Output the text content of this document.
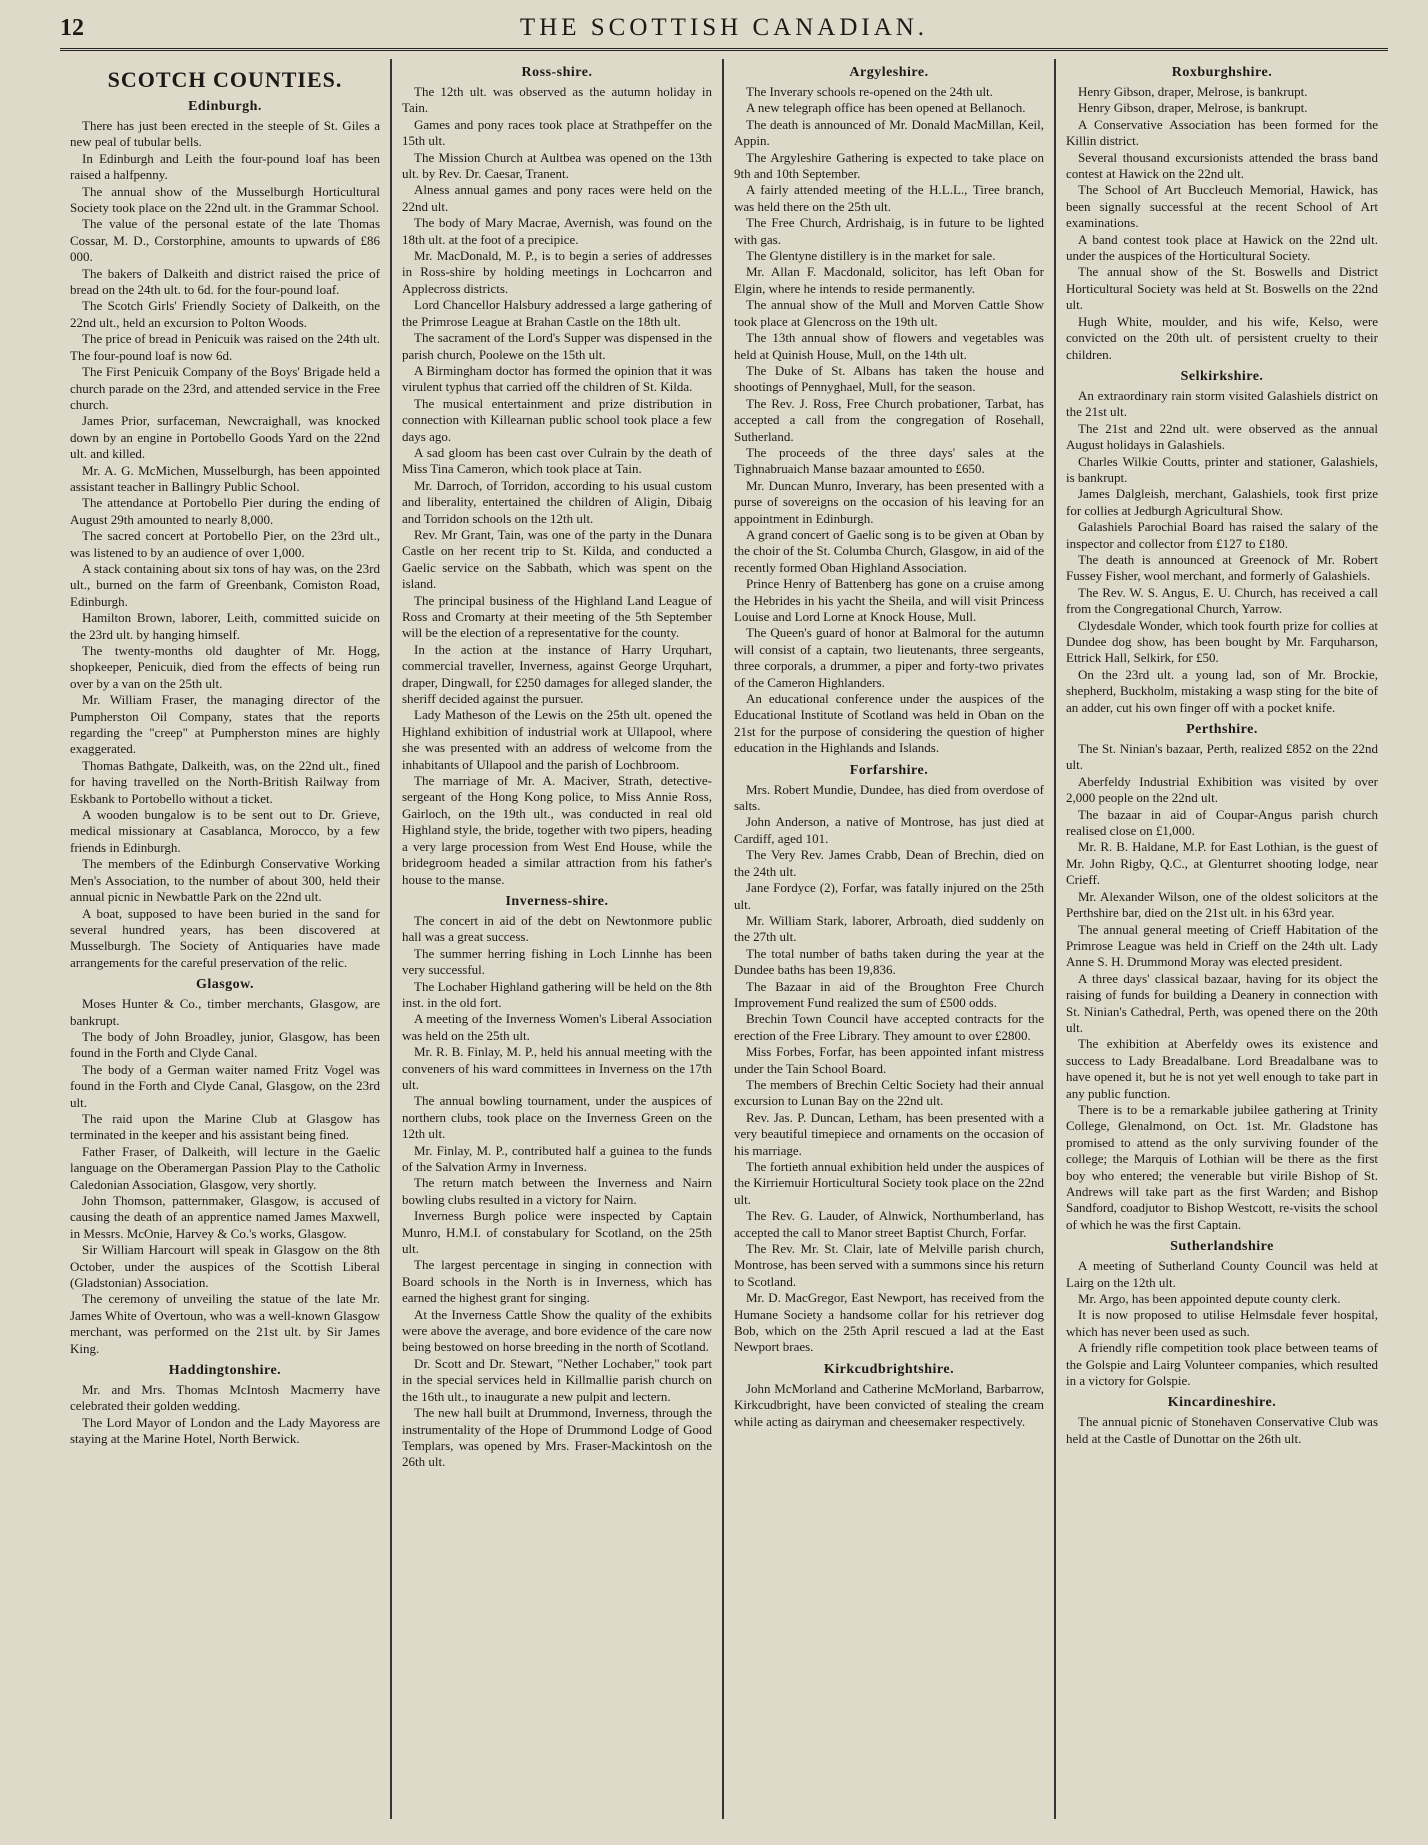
12	THE SCOTTISH CANADIAN.
SCOTCH COUNTIES.
Edinburgh.

There has just been erected in the steeple of St. Giles a new peal of tubular bells.

In Edinburgh and Leith the four-pound loaf has been raised a halfpenny.

The annual show of the Musselburgh Horticultural Society took place on the 22nd ult. in the Grammar School.

The value of the personal estate of the late Thomas Cossar, M. D., Corstorphine, amounts to upwards of £86 000.

The bakers of Dalkeith and district raised the price of bread on the 24th ult. to 6d. for the four-pound loaf.

The Scotch Girls' Friendly Society of Dalkeith, on the 22nd ult., held an excursion to Polton Woods.

The price of bread in Penicuik was raised on the 24th ult. The four-pound loaf is now 6d.

The First Penicuik Company of the Boys' Brigade held a church parade on the 23rd, and attended service in the Free church.

James Prior, surfaceman, Newcraighall, was knocked down by an engine in Portobello Goods Yard on the 22nd ult. and killed.

Mr. A. G. McMichen, Musselburgh, has been appointed assistant teacher in Ballingry Public School.

The attendance at Portobello Pier during the ending of August 29th amounted to nearly 8,000.

The sacred concert at Portobello Pier, on the 23rd ult., was listened to by an audience of over 1,000.

A stack containing about six tons of hay was, on the 23rd ult., burned on the farm of Greenbank, Comiston Road, Edinburgh.

Hamilton Brown, laborer, Leith, committed suicide on the 23rd ult. by hanging himself.

The twenty-months old daughter of Mr. Hogg, shopkeeper, Penicuik, died from the effects of being run over by a van on the 25th ult.

Mr. William Fraser, the managing director of the Pumpherston Oil Company, states that the reports regarding the "creep" at Pumpherston mines are highly exaggerated.

Thomas Bathgate, Dalkeith, was, on the 22nd ult., fined for having travelled on the North-British Railway from Eskbank to Portobello without a ticket.

A wooden bungalow is to be sent out to Dr. Grieve, medical missionary at Casablanca, Morocco, by a few friends in Edinburgh.

The members of the Edinburgh Conservative Working Men's Association, to the number of about 300, held their annual picnic in Newbattle Park on the 22nd ult.

A boat, supposed to have been buried in the sand for several hundred years, has been discovered at Musselburgh. The Society of Antiquaries have made arrangements for the careful preservation of the relic.

Glasgow.

Moses Hunter & Co., timber merchants, Glasgow, are bankrupt.

The body of John Broadley, junior, Glasgow, has been found in the Forth and Clyde Canal.

The body of a German waiter named Fritz Vogel was found in the Forth and Clyde Canal, Glasgow, on the 23rd ult.

The raid upon the Marine Club at Glasgow has terminated in the keeper and his assistant being fined.

Father Fraser, of Dalkeith, will lecture in the Gaelic language on the Oberamergan Passion Play to the Catholic Caledonian Association, Glasgow, very shortly.

John Thomson, patternmaker, Glasgow, is accused of causing the death of an apprentice named James Maxwell, in Messrs. McOnie, Harvey & Co.'s works, Glasgow.

Sir William Harcourt will speak in Glasgow on the 8th October, under the auspices of the Scottish Liberal (Gladstonian) Association.

The ceremony of unveiling the statue of the late Mr. James White of Overtoun, who was a well-known Glasgow merchant, was performed on the 21st ult. by Sir James King.

Haddingtonshire.

Mr. and Mrs. Thomas McIntosh Macmerry have celebrated their golden wedding.

The Lord Mayor of London and the Lady Mayoress are staying at the Marine Hotel, North Berwick.

Ross-shire.

The 12th ult. was observed as the autumn holiday in Tain.

Games and pony races took place at Strathpeffer on the 15th ult.

The Mission Church at Aultbea was opened on the 13th ult. by Rev. Dr. Caesar, Tranent.

Alness annual games and pony races were held on the 22nd ult.

The body of Mary Macrae, Avernish, was found on the 18th ult. at the foot of a precipice.

Mr. MacDonald, M. P., is to begin a series of addresses in Ross-shire by holding meetings in Lochcarron and Applecross districts.

Lord Chancellor Halsbury addressed a large gathering of the Primrose League at Brahan Castle on the 18th ult.

The sacrament of the Lord's Supper was dispensed in the parish church, Poolewe on the 15th ult.

A Birmingham doctor has formed the opinion that it was virulent typhus that carried off the children of St. Kilda.

The musical entertainment and prize distribution in connection with Killearnan public school took place a few days ago.

A sad gloom has been cast over Culrain by the death of Miss Tina Cameron, which took place at Tain.

Mr. Darroch, of Torridon, according to his usual custom and liberality, entertained the children of Aligin, Dibaig and Torridon schools on the 12th ult.

Rev. Mr Grant, Tain, was one of the party in the Dunara Castle on her recent trip to St. Kilda, and conducted a Gaelic service on the Sabbath, which was spent on the island.

The principal business of the Highland Land League of Ross and Cromarty at their meeting of the 5th September will be the election of a representative for the county.

In the action at the instance of Harry Urquhart, commercial traveller, Inverness, against George Urquhart, draper, Dingwall, for £250 damages for alleged slander, the sheriff decided against the pursuer.

Lady Matheson of the Lewis on the 25th ult. opened the Highland exhibition of industrial work at Ullapool, where she was presented with an address of welcome from the inhabitants of Ullapool and the parish of Lochbroom.

The marriage of Mr. A. Maciver, Strath, detective-sergeant of the Hong Kong police, to Miss Annie Ross, Gairloch, on the 19th ult., was conducted in real old Highland style, the bride, together with two pipers, heading a very large procession from West End House, while the bridegroom headed a similar attraction from his father's house to the manse.

Inverness-shire.

The concert in aid of the debt on Newtonmore public hall was a great success.

The summer herring fishing in Loch Linnhe has been very successful.

The Lochaber Highland gathering will be held on the 8th inst. in the old fort.

A meeting of the Inverness Women's Liberal Association was held on the 25th ult.

Mr. R. B. Finlay, M. P., held his annual meeting with the conveners of his ward committees in Inverness on the 17th ult.

The annual bowling tournament, under the auspices of northern clubs, took place on the Inverness Green on the 12th ult.

Mr. Finlay, M. P., contributed half a guinea to the funds of the Salvation Army in Inverness.

The return match between the Inverness and Nairn bowling clubs resulted in a victory for Nairn.

Inverness Burgh police were inspected by Captain Munro, H.M.I. of constabulary for Scotland, on the 25th ult.

The largest percentage in singing in connection with Board schools in the North is in Inverness, which has earned the highest grant for singing.

At the Inverness Cattle Show the quality of the exhibits were above the average, and bore evidence of the care now being bestowed on horse breeding in the north of Scotland.

Dr. Scott and Dr. Stewart, "Nether Lochaber," took part in the special services held in Killmallie parish church on the 16th ult., to inaugurate a new pulpit and lectern.

The new hall built at Drummond, Inverness, through the instrumentality of the Hope of Drummond Lodge of Good Templars, was opened by Mrs. Fraser-Mackintosh on the 26th ult.

Argyleshire.

The Inverary schools re-opened on the 24th ult.

A new telegraph office has been opened at Bellanoch.

The death is announced of Mr. Donald MacMillan, Keil, Appin.

The Argyleshire Gathering is expected to take place on 9th and 10th September.

A fairly attended meeting of the H.L.L., Tiree branch, was held there on the 25th ult.

The Free Church, Ardrishaig, is in future to be lighted with gas.

The Glentyne distillery is in the market for sale.

Mr. Allan F. Macdonald, solicitor, has left Oban for Elgin, where he intends to reside permanently.

The annual show of the Mull and Morven Cattle Show took place at Glencross on the 19th ult.

The 13th annual show of flowers and vegetables was held at Quinish House, Mull, on the 14th ult.

The Duke of St. Albans has taken the house and shootings of Pennyghael, Mull, for the season.

The Rev. J. Ross, Free Church probationer, Tarbat, has accepted a call from the congregation of Rosehall, Sutherland.

The proceeds of the three days' sales at the Tighnabruaich Manse bazaar amounted to £650.

Mr. Duncan Munro, Inverary, has been presented with a purse of sovereigns on the occasion of his leaving for an appointment in Edinburgh.

A grand concert of Gaelic song is to be given at Oban by the choir of the St. Columba Church, Glasgow, in aid of the recently formed Oban Highland Association.

Prince Henry of Battenberg has gone on a cruise among the Hebrides in his yacht the Sheila, and will visit Princess Louise and Lord Lorne at Knock House, Mull.

The Queen's guard of honor at Balmoral for the autumn will consist of a captain, two lieutenants, three sergeants, three corporals, a drummer, a piper and forty-two privates of the Cameron Highlanders.

An educational conference under the auspices of the Educational Institute of Scotland was held in Oban on the 21st for the purpose of considering the question of higher education in the Highlands and Islands.

Forfarshire.

Mrs. Robert Mundie, Dundee, has died from overdose of salts.

John Anderson, a native of Montrose, has just died at Cardiff, aged 101.

The Very Rev. James Crabb, Dean of Brechin, died on the 24th ult.

Jane Fordyce (2), Forfar, was fatally injured on the 25th ult.

Mr. William Stark, laborer, Arbroath, died suddenly on the 27th ult.

The total number of baths taken during the year at the Dundee baths has been 19,836.

The Bazaar in aid of the Broughton Free Church Improvement Fund realized the sum of £500 odds.

Brechin Town Council have accepted contracts for the erection of the Free Library. They amount to over £2800.

Miss Forbes, Forfar, has been appointed infant mistress under the Tain School Board.

The members of Brechin Celtic Society had their annual excursion to Lunan Bay on the 22nd ult.

Rev. Jas. P. Duncan, Letham, has been presented with a very beautiful timepiece and ornaments on the occasion of his marriage.

The fortieth annual exhibition held under the auspices of the Kirriemuir Horticultural Society took place on the 22nd ult.

The Rev. G. Lauder, of Alnwick, Northumberland, has accepted the call to Manor street Baptist Church, Forfar.

The Rev. Mr. St. Clair, late of Melville parish church, Montrose, has been served with a summons since his return to Scotland.

Mr. D. MacGregor, East Newport, has received from the Humane Society a handsome collar for his retriever dog Bob, which on the 25th April rescued a lad at the East Newport braes.

Kirkcudbrightshire.

John McMorland and Catherine McMorland, Barbarrow, Kirkcudbright, have been convicted of stealing the cream while acting as dairyman and cheesemaker respectively.

Roxburghshire.

Henry Gibson, draper, Melrose, is bankrupt.

Henry Gibson, draper, Melrose, is bankrupt.

A Conservative Association has been formed for the Killin district.

Several thousand excursionists attended the brass band contest at Hawick on the 22nd ult.

The School of Art Buccleuch Memorial, Hawick, has been signally successful at the recent School of Art examinations.

A band contest took place at Hawick on the 22nd ult. under the auspices of the Horticultural Society.

The annual show of the St. Boswells and District Horticultural Society was held at St. Boswells on the 22nd ult.

Hugh White, moulder, and his wife, Kelso, were convicted on the 20th ult. of persistent cruelty to their children.

Selkirkshire.

An extraordinary rain storm visited Galashiels district on the 21st ult.

The 21st and 22nd ult. were observed as the annual August holidays in Galashiels.

Charles Wilkie Coutts, printer and stationer, Galashiels, is bankrupt.

James Dalgleish, merchant, Galashiels, took first prize for collies at Jedburgh Agricultural Show.

Galashiels Parochial Board has raised the salary of the inspector and collector from £127 to £180.

The death is announced at Greenock of Mr. Robert Fussey Fisher, wool merchant, and formerly of Galashiels.

The Rev. W. S. Angus, E. U. Church, has received a call from the Congregational Church, Yarrow.

Clydesdale Wonder, which took fourth prize for collies at Dundee dog show, has been bought by Mr. Farquharson, Ettrick Hall, Selkirk, for £50.

On the 23rd ult. a young lad, son of Mr. Brockie, shepherd, Buckholm, mistaking a wasp sting for the bite of an adder, cut his own finger off with a pocket knife.

Perthshire.

The St. Ninian's bazaar, Perth, realized £852 on the 22nd ult.

Aberfeldy Industrial Exhibition was visited by over 2,000 people on the 22nd ult.

The bazaar in aid of Coupar-Angus parish church realised close on £1,000.

Mr. R. B. Haldane, M.P. for East Lothian, is the guest of Mr. John Rigby, Q.C., at Glenturret shooting lodge, near Crieff.

Mr. Alexander Wilson, one of the oldest solicitors at the Perthshire bar, died on the 21st ult. in his 63rd year.

The annual general meeting of Crieff Habitation of the Primrose League was held in Crieff on the 24th ult. Lady Anne S. H. Drummond Moray was elected president.

A three days' classical bazaar, having for its object the raising of funds for building a Deanery in connection with St. Ninian's Cathedral, Perth, was opened there on the 20th ult.

The exhibition at Aberfeldy owes its existence and success to Lady Breadalbane. Lord Breadalbane was to have opened it, but he is not yet well enough to take part in any public function.

There is to be a remarkable jubilee gathering at Trinity College, Glenalmond, on Oct. 1st. Mr. Gladstone has promised to attend as the only surviving founder of the college; the Marquis of Lothian will be there as the first boy who entered; the venerable but virile Bishop of St. Andrews will take part as the first Warden; and Bishop Sandford, coadjutor to Bishop Westcott, re-visits the school of which he was the first Captain.

Sutherlandshire

A meeting of Sutherland County Council was held at Lairg on the 12th ult.

Mr. Argo, has been appointed depute county clerk.

It is now proposed to utilise Helmsdale fever hospital, which has never been used as such.

A friendly rifle competition took place between teams of the Golspie and Lairg Volunteer companies, which resulted in a victory for Golspie.

Kincardineshire.

The annual picnic of Stonehaven Conservative Club was held at the Castle of Dunottar on the 26th ult.
